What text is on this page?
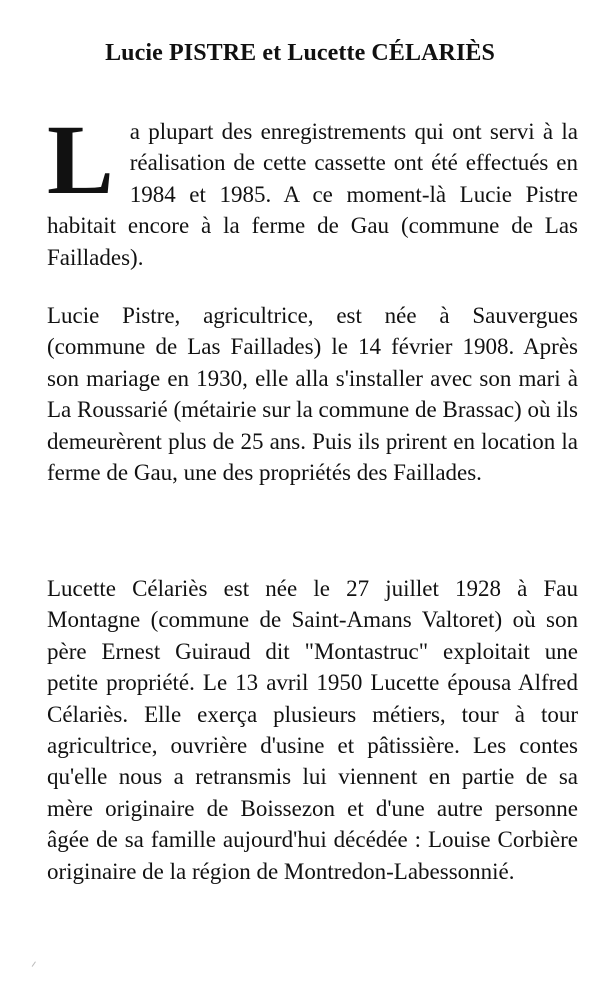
Lucie PISTRE et Lucette CÉLARIÈS

La plupart des enregistrements qui ont servi à la réalisation de cette cassette ont été effectués en 1984 et 1985. A ce moment-là Lucie Pistre habitait encore à la ferme de Gau (commune de Las Faillades).

Lucie Pistre, agricultrice, est née à Sauvergues (commune de Las Faillades) le 14 février 1908. Après son mariage en 1930, elle alla s'installer avec son mari à La Roussarié (métairie sur la commune de Brassac) où ils demeurèrent plus de 25 ans. Puis ils prirent en location la ferme de Gau, une des propriétés des Faillades.

Lucette Célariès est née le 27 juillet 1928 à Fau Montagne (commune de Saint-Amans Valtoret) où son père Ernest Guiraud dit "Montastruc" exploitait une petite propriété. Le 13 avril 1950 Lucette épousa Alfred Célariès. Elle exerça plusieurs métiers, tour à tour agricultrice, ouvrière d'usine et pâtissière. Les contes qu'elle nous a retransmis lui viennent en partie de sa mère originaire de Boissezon et d'une autre personne âgée de sa famille aujourd'hui décédée : Louise Corbière originaire de la région de Montredon-Labessonnié.
